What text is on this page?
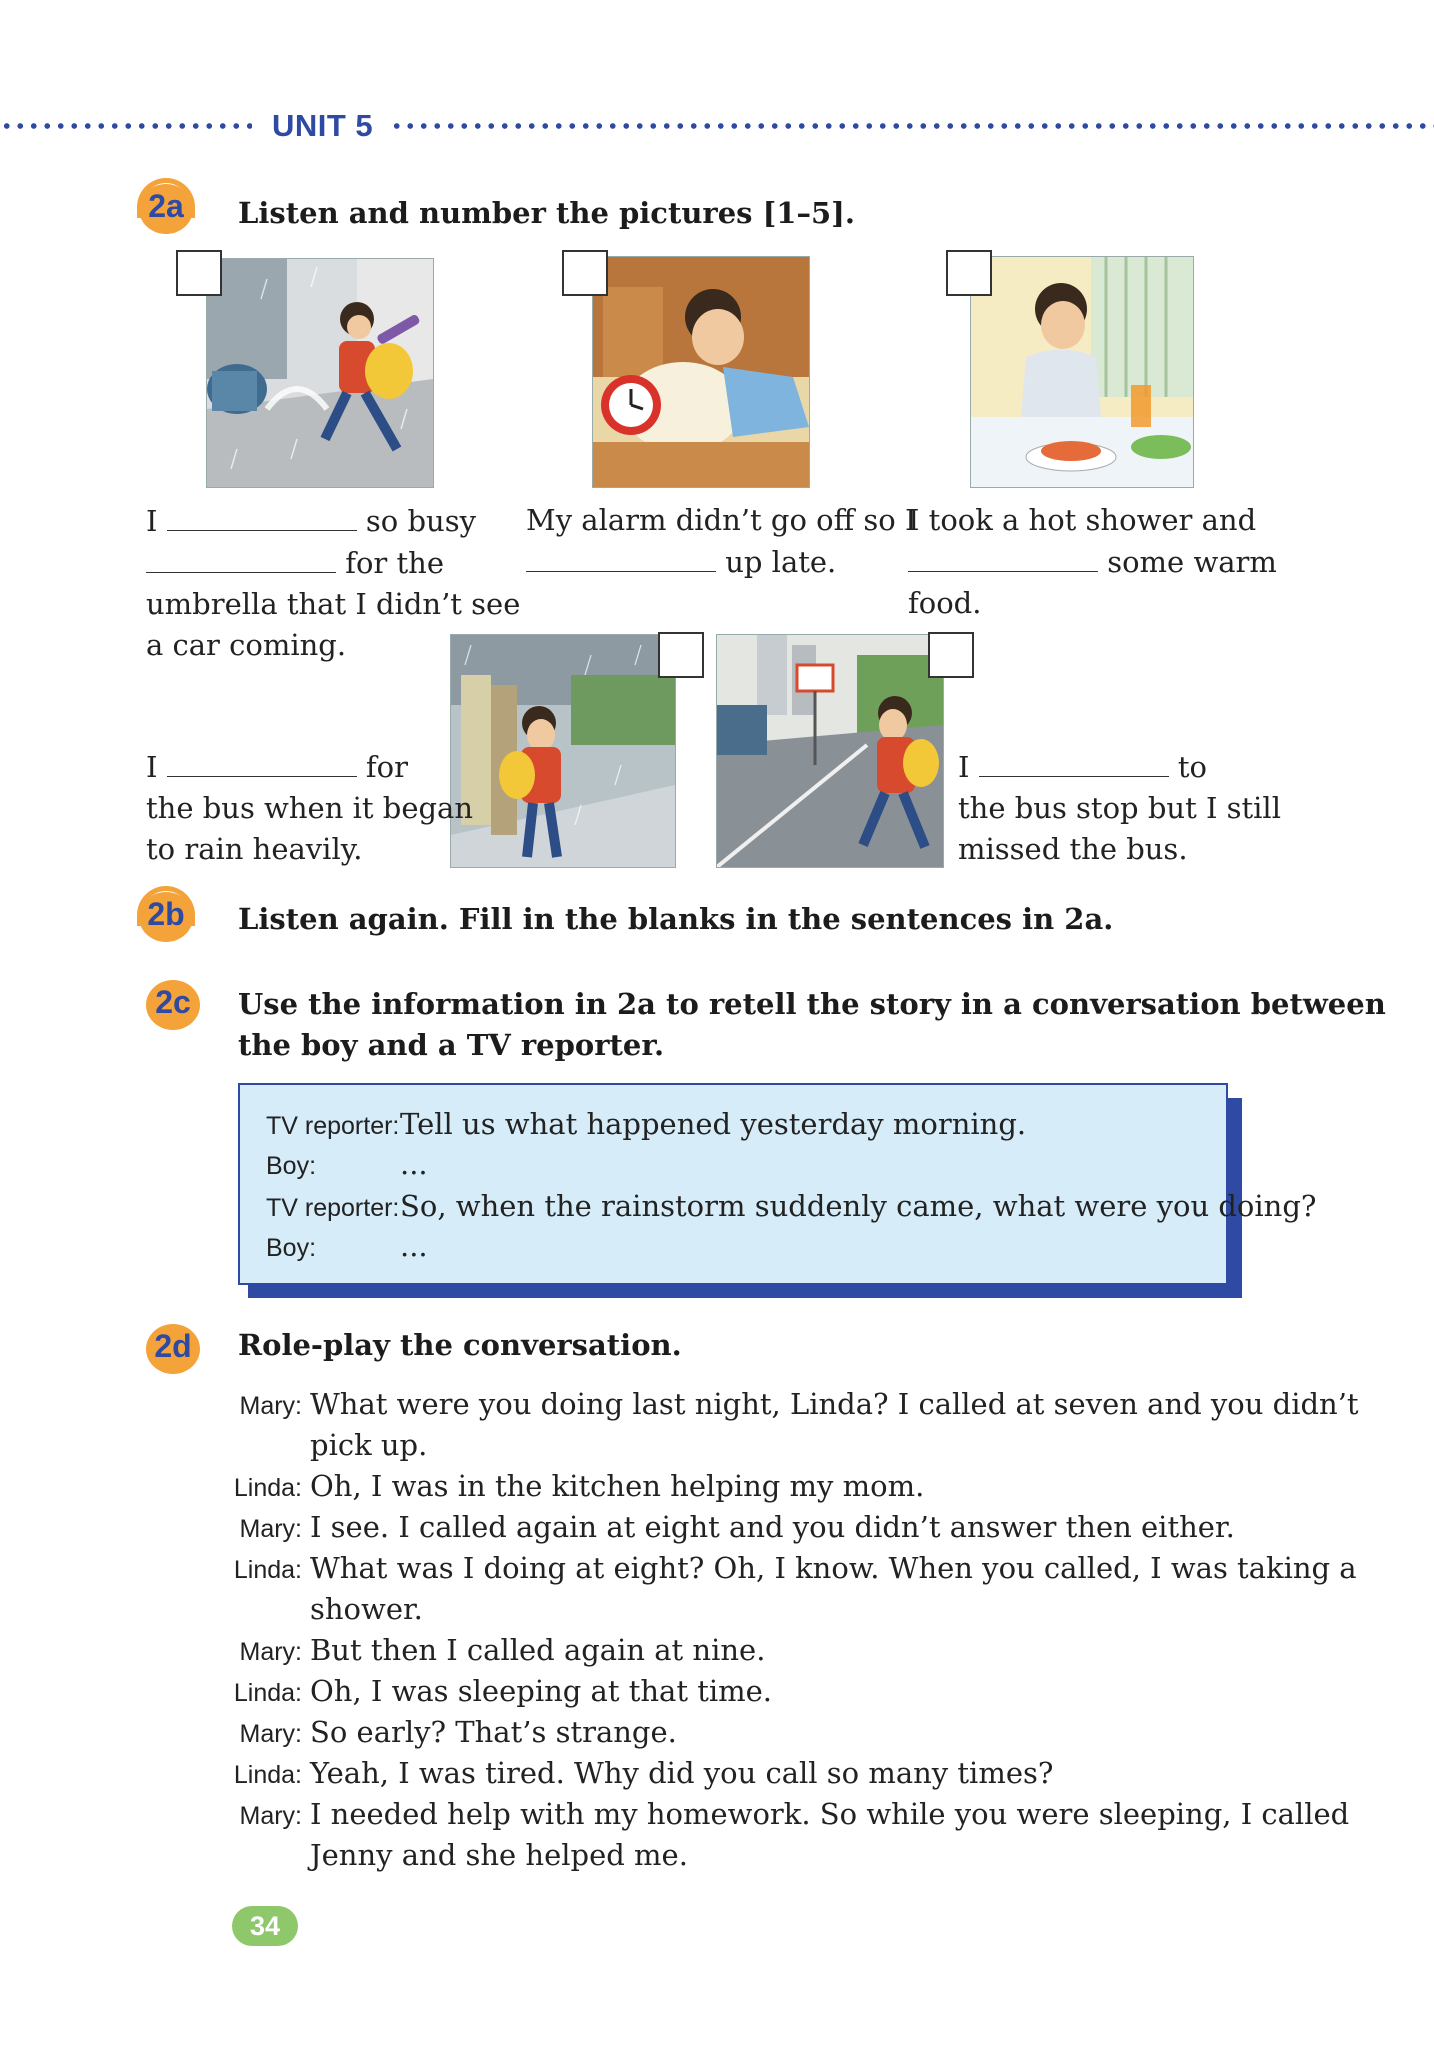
UNIT 5
2a	Listen and number the pictures [1–5].
I	so busy
for the
umbrella that I didn’t see
a car coming.
My alarm didn’t go off so I
up late.
I took a hot shower and
some warm
food.
I	for
the bus when it began
to rain heavily.
I	to
the bus stop but I still
missed the bus.
2b	Listen again. Fill in the blanks in the sentences in 2a.
2c	Use the information in 2a to retell the story in a conversation between
the boy and a TV reporter.
TV reporter:Tell us what happened yesterday morning.
Boy:	...
TV reporter:So, when the rainstorm suddenly came, what were you doing?
Boy:	...
2d	Role-play the conversation.
Mary: What were you doing last night, Linda? I called at seven and you didn’t
pick up.
Linda: Oh, I was in the kitchen helping my mom.
Mary: I see. I called again at eight and you didn’t answer then either.
Linda: What was I doing at eight? Oh, I know. When you called, I was taking a
shower.
Mary: But then I called again at nine.
Linda: Oh, I was sleeping at that time.
Mary: So early? That’s strange.
Linda: Yeah, I was tired. Why did you call so many times?
Mary: I needed help with my homework. So while you were sleeping, I called
Jenny and she helped me.
34
